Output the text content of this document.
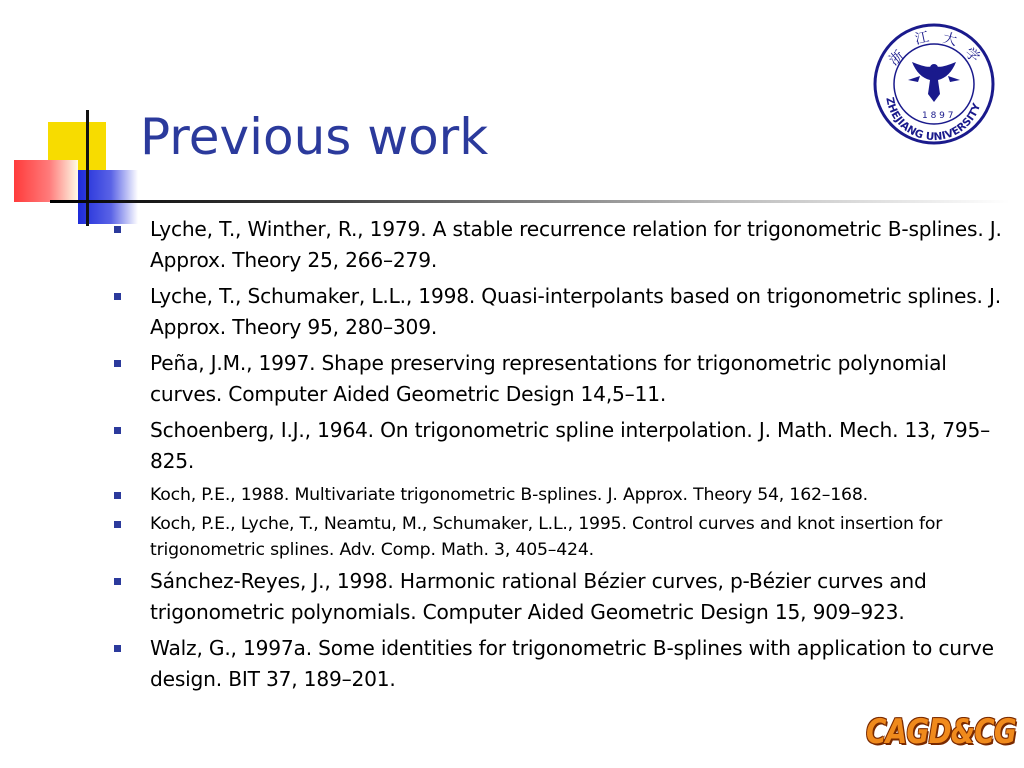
Previous work
浙
江 大
学
1 8 9 7
ZHEJIANG UNIVERSITY
Lyche, T., Winther, R., 1979. A stable recurrence relation for trigonometric B-splines. J. Approx. Theory 25, 266–279.
Lyche, T., Schumaker, L.L., 1998. Quasi-interpolants based on trigonometric splines. J. Approx. Theory 95, 280–309.
Peña, J.M., 1997. Shape preserving representations for trigonometric polynomial curves. Computer Aided Geometric Design 14,5–11.
Schoenberg, I.J., 1964. On trigonometric spline interpolation. J. Math. Mech. 13, 795–825.
Koch, P.E., 1988. Multivariate trigonometric B-splines. J. Approx. Theory 54, 162–168.
Koch, P.E., Lyche, T., Neamtu, M., Schumaker, L.L., 1995. Control curves and knot insertion for trigonometric splines. Adv. Comp. Math. 3, 405–424.
Sánchez-Reyes, J., 1998. Harmonic rational Bézier curves, p-Bézier curves and trigonometric polynomials. Computer Aided Geometric Design 15, 909–923.
Walz, G., 1997a. Some identities for trigonometric B-splines with application to curve design. BIT 37, 189–201.
CAGD&CG
